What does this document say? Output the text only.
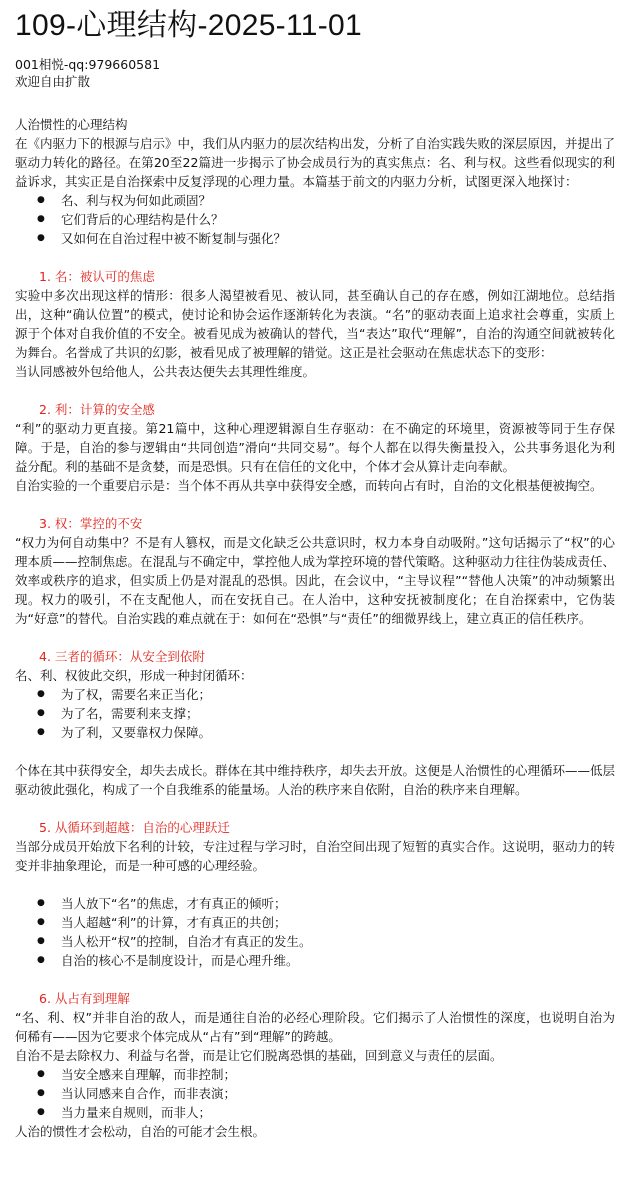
109-心理结构-2025-11-01
001相悦-qq:979660581
欢迎自由扩散

人治惯性的心理结构

在《内驱力下的根源与启示》中，我们从内驱力的层次结构出发，分析了自治实践失败的深层原因，并提出了驱动力转化的路径。在第20至22篇进一步揭示了协会成员行为的真实焦点：名、利与权。这些看似现实的利益诉求，其实正是自治探索中反复浮现的心理力量。本篇基于前文的内驱力分析，试图更深入地探讨：

● 名、利与权为何如此顽固？
● 它们背后的心理结构是什么？
● 又如何在自治过程中被不断复制与强化？

1. 名：被认可的焦虑

实验中多次出现这样的情形：很多人渴望被看见、被认同，甚至确认自己的存在感，例如江湖地位。总结指出，这种“确认位置”的模式，使讨论和协会运作逐渐转化为表演。“名”的驱动表面上追求社会尊重，实质上源于个体对自我价值的不安全。被看见成为被确认的替代，当“表达”取代“理解”，自治的沟通空间就被转化为舞台。名誉成了共识的幻影，被看见成了被理解的错觉。这正是社会驱动在焦虑状态下的变形：

当认同感被外包给他人，公共表达便失去其理性维度。

2. 利：计算的安全感

“利”的驱动力更直接。第21篇中，这种心理逻辑源自生存驱动：在不确定的环境里，资源被等同于生存保障。于是，自治的参与逻辑由“共同创造”滑向“共同交易”。每个人都在以得失衡量投入，公共事务退化为利益分配。利的基础不是贪婪，而是恐惧。只有在信任的文化中，个体才会从算计走向奉献。

自治实验的一个重要启示是：当个体不再从共享中获得安全感，而转向占有时，自治的文化根基便被掏空。

3. 权：掌控的不安

“权力为何自动集中？不是有人篡权，而是文化缺乏公共意识时，权力本身自动吸附。”这句话揭示了“权”的心理本质——控制焦虑。在混乱与不确定中，掌控他人成为掌控环境的替代策略。这种驱动力往往伪装成责任、效率或秩序的追求，但实质上仍是对混乱的恐惧。因此，在会议中，“主导议程”“替他人决策”的冲动频繁出现。权力的吸引，不在支配他人，而在安抚自己。在人治中，这种安抚被制度化；在自治探索中，它伪装为“好意”的替代。自治实践的难点就在于：如何在“恐惧”与“责任”的细微界线上，建立真正的信任秩序。

4. 三者的循环：从安全到依附

名、利、权彼此交织，形成一种封闭循环：

● 为了权，需要名来正当化；
● 为了名，需要利来支撑；
● 为了利，又要靠权力保障。

个体在其中获得安全，却失去成长。群体在其中维持秩序，却失去开放。这便是人治惯性的心理循环——低层驱动彼此强化，构成了一个自我维系的能量场。人治的秩序来自依附，自治的秩序来自理解。

5. 从循环到超越：自治的心理跃迁

当部分成员开始放下名利的计较，专注过程与学习时，自治空间出现了短暂的真实合作。这说明，驱动力的转变并非抽象理论，而是一种可感的心理经验。

● 当人放下“名”的焦虑，才有真正的倾听；
● 当人超越“利”的计算，才有真正的共创；
● 当人松开“权”的控制，自治才有真正的发生。
● 自治的核心不是制度设计，而是心理升维。

6. 从占有到理解

“名、利、权”并非自治的敌人，而是通往自治的必经心理阶段。它们揭示了人治惯性的深度，也说明自治为何稀有——因为它要求个体完成从“占有”到“理解”的跨越。

自治不是去除权力、利益与名誉，而是让它们脱离恐惧的基础，回到意义与责任的层面。

● 当安全感来自理解，而非控制；
● 当认同感来自合作，而非表演；
● 当力量来自规则，而非人；

人治的惯性才会松动，自治的可能才会生根。
